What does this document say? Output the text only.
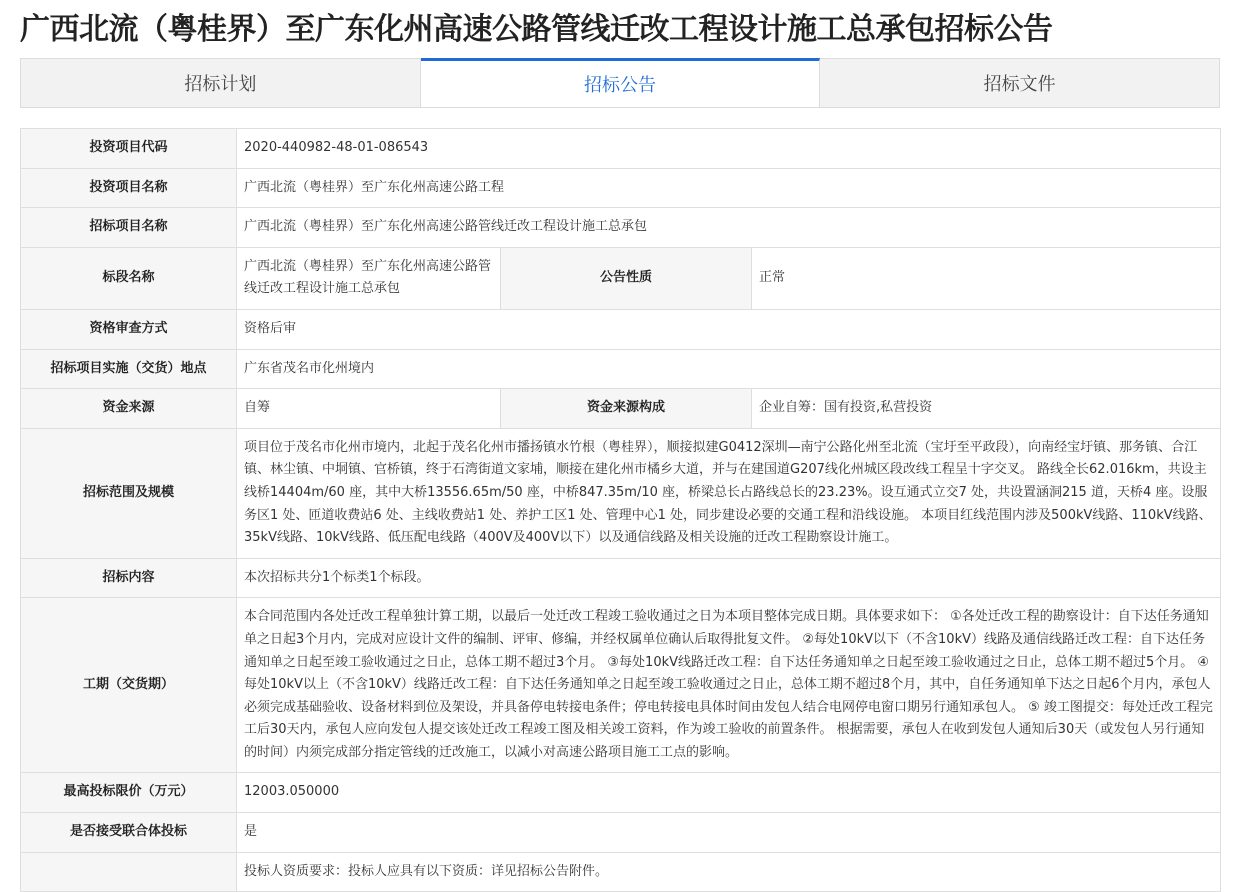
广西北流（粤桂界）至广东化州高速公路管线迁改工程设计施工总承包招标公告
招标计划	招标公告	招标文件
投资项目代码	2020-440982-48-01-086543		
投资项目名称	广西北流（粤桂界）至广东化州高速公路工程		
招标项目名称	广西北流（粤桂界）至广东化州高速公路管线迁改工程设计施工总承包		
标段名称	广西北流（粤桂界）至广东化州高速公路管线迁改工程设计施工总承包	公告性质	正常
资格审查方式	资格后审		
招标项目实施（交货）地点	广东省茂名市化州境内		
资金来源	自筹	资金来源构成	企业自筹：国有投资,私营投资
招标范围及规模	项目位于茂名市化州市境内，北起于茂名化州市播扬镇水竹根（粤桂界），顺接拟建G0412深圳—南宁公路化州至北流（宝圩至平政段），向南经宝圩镇、那务镇、合江镇、林尘镇、中垌镇、官桥镇，终于石湾街道文家埔，顺接在建化州市橘乡大道，并与在建国道G207线化州城区段改线工程呈十字交叉。 路线全长62.016km，共设主线桥14404m/60 座，其中大桥13556.65m/50 座，中桥847.35m/10 座，桥梁总长占路线总长的23.23%。设互通式立交7 处，共设置涵洞215 道，天桥4 座。设服务区1 处、匝道收费站6 处、主线收费站1 处、养护工区1 处、管理中心1 处，同步建设必要的交通工程和沿线设施。 本项目红线范围内涉及500kV线路、110kV线路、35kV线路、10kV线路、低压配电线路（400V及400V以下）以及通信线路及相关设施的迁改工程勘察设计施工。		
招标内容	本次招标共分1个标类1个标段。		
工期（交货期）	本合同范围内各处迁改工程单独计算工期，以最后一处迁改工程竣工验收通过之日为本项目整体完成日期。具体要求如下： ①各处迁改工程的勘察设计：自下达任务通知单之日起3个月内，完成对应设计文件的编制、评审、修编，并经权属单位确认后取得批复文件。 ②每处10kV以下（不含10kV）线路及通信线路迁改工程：自下达任务通知单之日起至竣工验收通过之日止，总体工期不超过3个月。 ③每处10kV线路迁改工程：自下达任务通知单之日起至竣工验收通过之日止，总体工期不超过5个月。 ④每处10kV以上（不含10kV）线路迁改工程：自下达任务通知单之日起至竣工验收通过之日止，总体工期不超过8个月，其中，自任务通知单下达之日起6个月内，承包人必须完成基础验收、设备材料到位及架设，并具备停电转接电条件；停电转接电具体时间由发包人结合电网停电窗口期另行通知承包人。 ⑤ 竣工图提交：每处迁改工程完工后30天内，承包人应向发包人提交该处迁改工程竣工图及相关竣工资料，作为竣工验收的前置条件。 根据需要，承包人在收到发包人通知后30天（或发包人另行通知的时间）内须完成部分指定管线的迁改施工，以减小对高速公路项目施工工点的影响。		
最高投标限价（万元）	12003.050000		
是否接受联合体投标	是		
	投标人资质要求：投标人应具有以下资质：详见招标公告附件。		
